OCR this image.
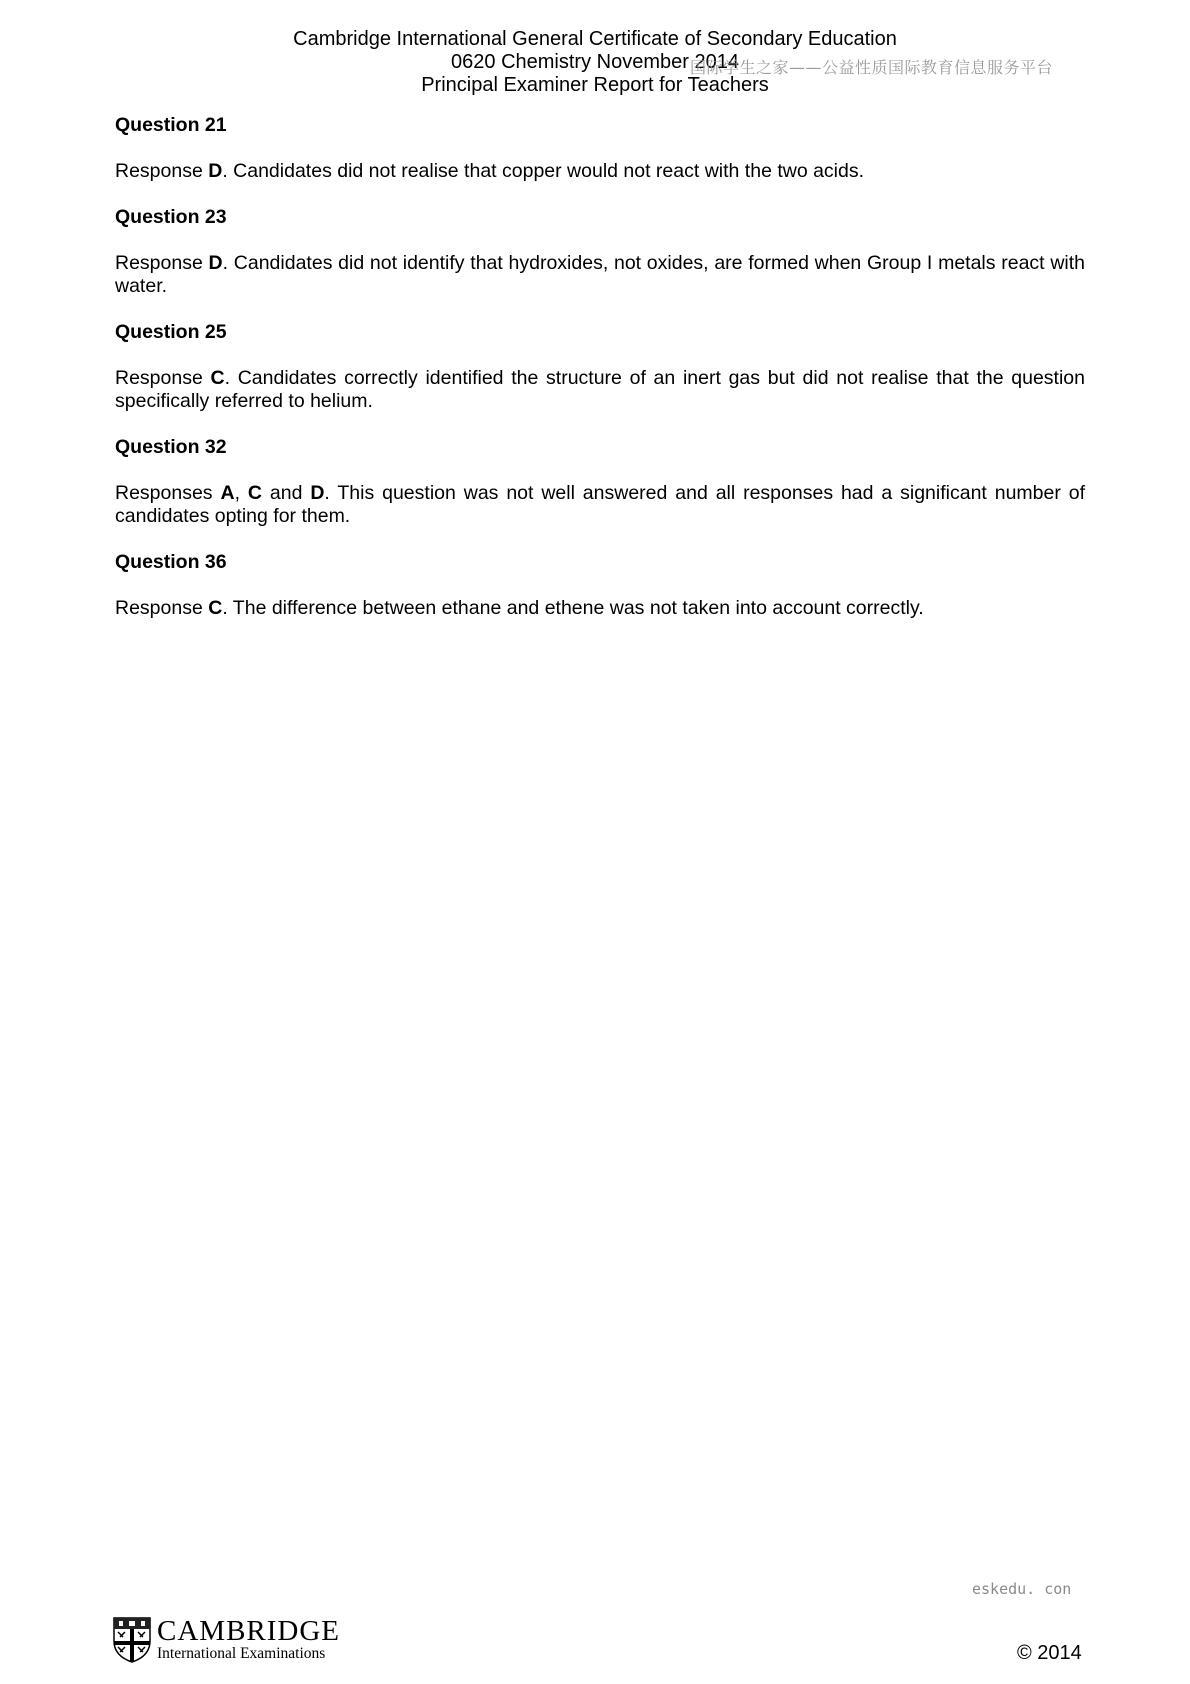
Cambridge International General Certificate of Secondary Education
0620 Chemistry November 2014
Principal Examiner Report for Teachers
国际学生之家——公益性质国际教育信息服务平台

Question 21

Response D. Candidates did not realise that copper would not react with the two acids.

Question 23

Response D. Candidates did not identify that hydroxides, not oxides, are formed when Group I metals react with water.

Question 25

Response C. Candidates correctly identified the structure of an inert gas but did not realise that the question specifically referred to helium.

Question 32

Responses A, C and D. This question was not well answered and all responses had a significant number of candidates opting for them.

Question 36

Response C. The difference between ethane and ethene was not taken into account correctly.

eskedu. con
CAMBRIDGE
International Examinations	© 2014
